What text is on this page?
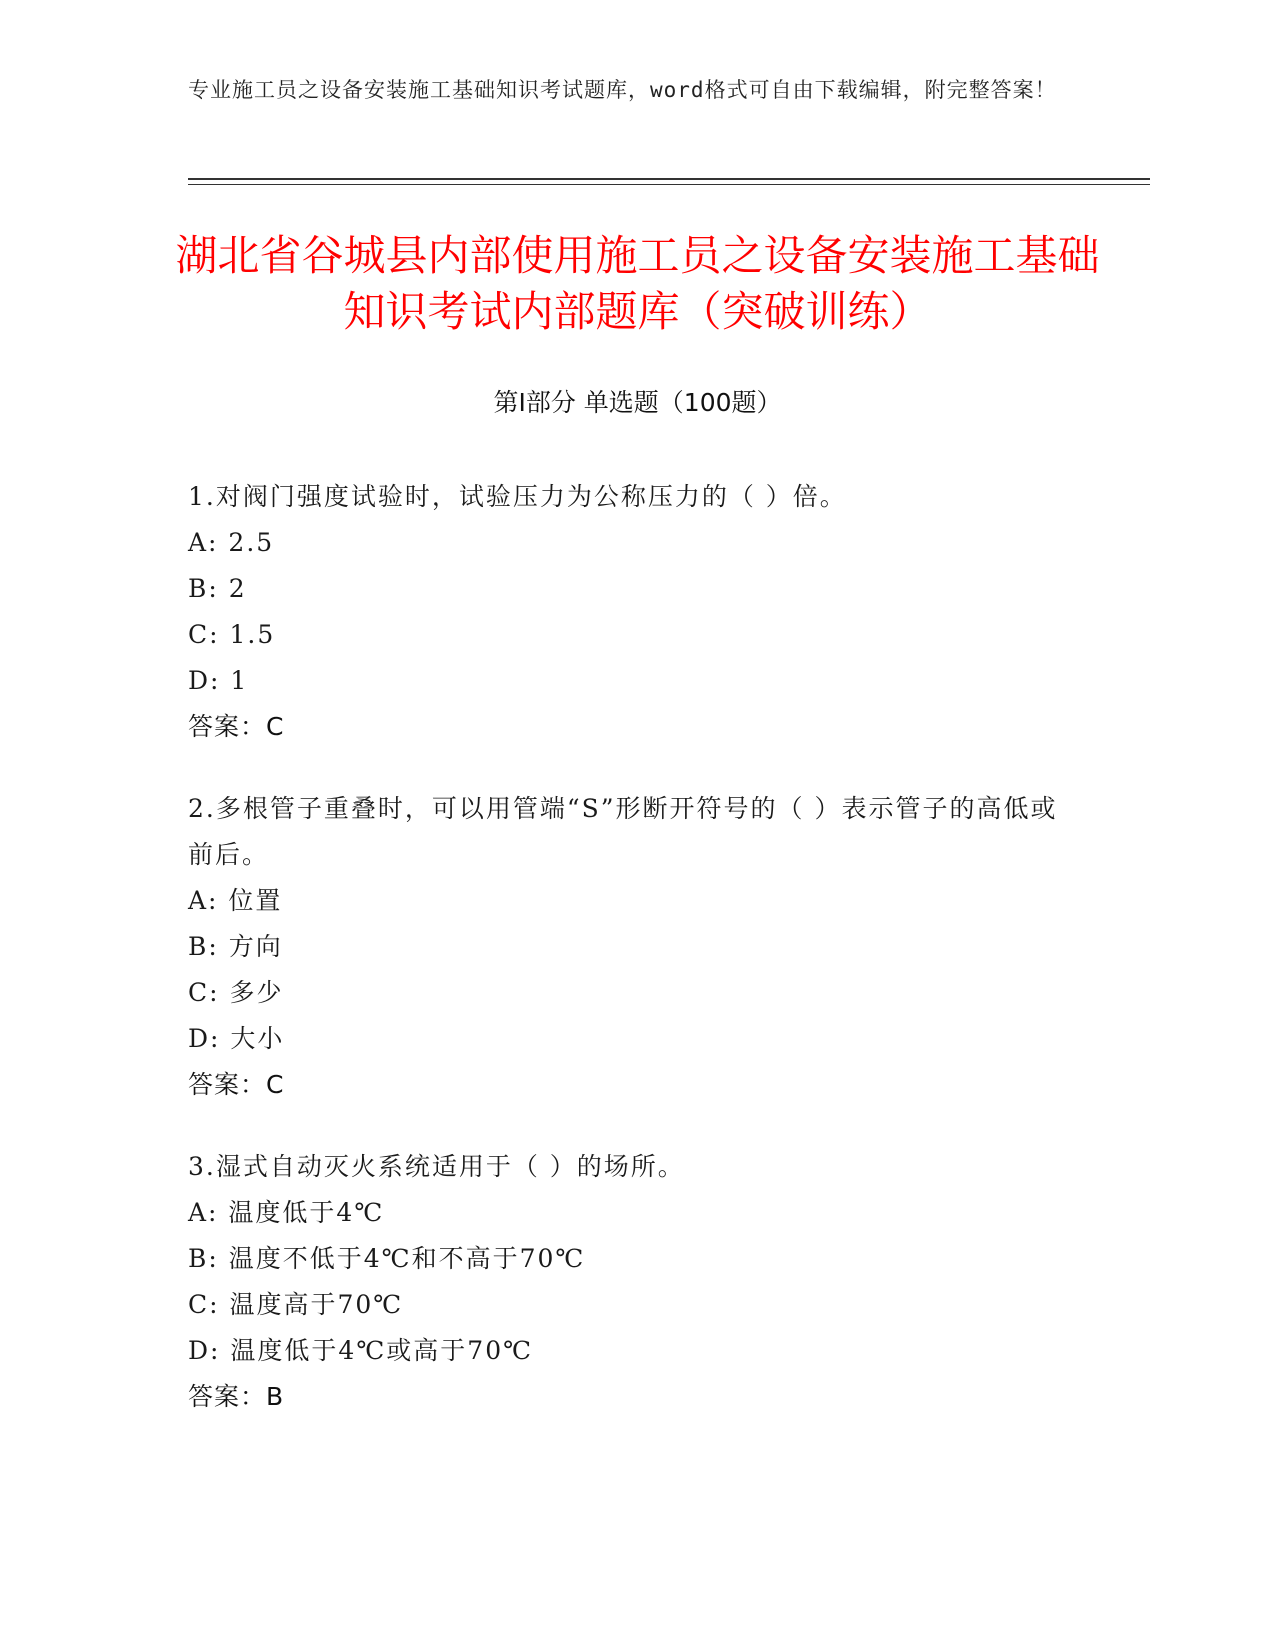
专业施工员之设备安装施工基础知识考试题库，word格式可自由下载编辑，附完整答案！
湖北省谷城县内部使用施工员之设备安装施工基础知识考试内部题库（突破训练）
第I部分 单选题（100题）
1.对阀门强度试验时，试验压力为公称压力的（ ）倍。
A: 2.5
B: 2
C: 1.5
D: 1
答案：C
2.多根管子重叠时，可以用管端“S”形断开符号的（ ）表示管子的高低或前后。
A: 位置
B: 方向
C: 多少
D: 大小
答案：C
3.湿式自动灭火系统适用于（ ）的场所。
A: 温度低于4℃
B: 温度不低于4℃和不高于70℃
C: 温度高于70℃
D: 温度低于4℃或高于70℃
答案：B
